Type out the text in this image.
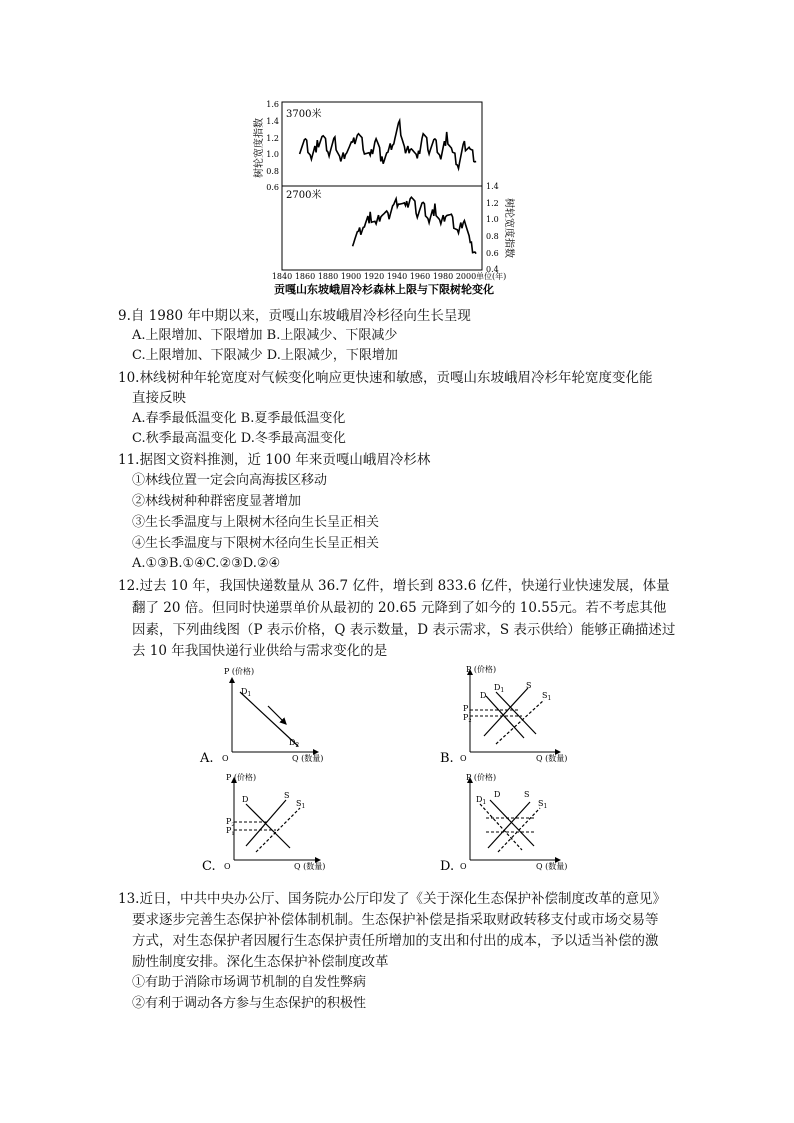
3700米
2700米
1.6
1.4
1.2
1.0
0.8
0.6	1.4
1.2
1.0
0.8
0.6
0.4
树轮宽度指数
树轮宽度指数
1840 1860 1880 1900 1920 1940 1960 1980 2000 单位(年)
贡嘎山东坡峨眉冷杉森林上限与下限树轮变化
9.自 1980 年中期以来，贡嘎山东坡峨眉冷杉径向生长呈现
A.上限增加、下限增加 B.上限减少、下限减少
C.上限增加、下限减少 D.上限减少，下限增加
10.林线树种年轮宽度对气候变化响应更快速和敏感，贡嘎山东坡峨眉冷杉年轮宽度变化能
直接反映
A.春季最低温变化 B.夏季最低温变化
C.秋季最高温变化 D.冬季最高温变化
11.据图文资料推测，近 100 年来贡嘎山峨眉冷杉林
①林线位置一定会向高海拔区移动
②林线树种种群密度显著增加
③生长季温度与上限树木径向生长呈正相关
④生长季温度与下限树木径向生长呈正相关
A.①③B.①④C.②③D.②④
12.过去 10 年，我国快递数量从 36.7 亿件，增长到 833.6 亿件，快递行业快速发展，体量
翻了 20 倍。但同时快递票单价从最初的 20.65 元降到了如今的 10.55元。若不考虑其他
因素，下列曲线图（P 表示价格，Q 表示数量，D 表示需求，S 表示供给）能够正确描述过
去 10 年我国快递行业供给与需求变化的是
P (价格)
Q (数量)
O
$D_1$
$D_2$
A.
P (价格)
Q (数量)
O
D
$D_1$
S
$S_1$
$P_1$
$P_2$
B.
P (价格)
Q (数量)
O
D	S
$S_1$
$P_2$
$P_1$
C.
P (价格)
Q (数量)
O
$D_1$
D	S
$S_1$
D.
13.近日，中共中央办公厅、国务院办公厅印发了《关于深化生态保护补偿制度改革的意见》
要求逐步完善生态保护补偿体制机制。生态保护补偿是指采取财政转移支付或市场交易等
方式，对生态保护者因履行生态保护责任所增加的支出和付出的成本，予以适当补偿的激
励性制度安排。深化生态保护补偿制度改革
①有助于消除市场调节机制的自发性弊病
②有利于调动各方参与生态保护的积极性
